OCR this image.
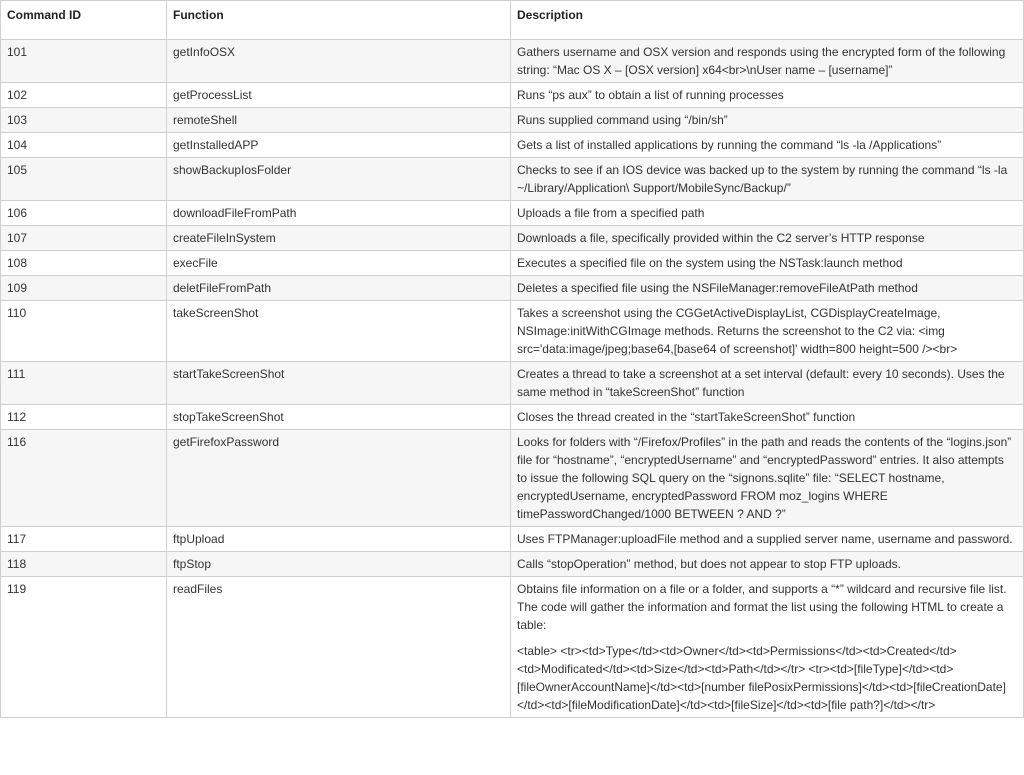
Command ID	Function	Description
101	getInfoOSX	Gathers username and OSX version and responds using the encrypted form of the following string: “Mac OS X – [OSX version] x64<br>\nUser name – [username]”

102	getProcessList	Runs “ps aux” to obtain a list of running processes

103	remoteShell	Runs supplied command using “/bin/sh”

104	getInstalledAPP	Gets a list of installed applications by running the command “ls -la /Applications”

105	showBackupIosFolder	Checks to see if an IOS device was backed up to the system by running the command “ls -la ~/Library/Application\ Support/MobileSync/Backup/”

106	downloadFileFromPath	Uploads a file from a specified path

107	createFileInSystem	Downloads a file, specifically provided within the C2 server’s HTTP response

108	execFile	Executes a specified file on the system using the NSTask:launch method

109	deletFileFromPath	Deletes a specified file using the NSFileManager:removeFileAtPath method

110	takeScreenShot	Takes a screenshot using the CGGetActiveDisplayList, CGDisplayCreateImage, NSImage:initWithCGImage methods. Returns the screenshot to the C2 via: <img src='data:image/jpeg;base64,[base64 of screenshot]' width=800 height=500 /><br>

111	startTakeScreenShot	Creates a thread to take a screenshot at a set interval (default: every 10 seconds). Uses the same method in “takeScreenShot” function

112	stopTakeScreenShot	Closes the thread created in the “startTakeScreenShot” function

116	getFirefoxPassword	Looks for folders with “/Firefox/Profiles” in the path and reads the contents of the “logins.json” file for “hostname”, “encryptedUsername” and “encryptedPassword” entries. It also attempts to issue the following SQL query on the “signons.sqlite” file: “SELECT hostname, encryptedUsername, encryptedPassword FROM moz_logins WHERE timePasswordChanged/1000 BETWEEN ? AND ?”

117	ftpUpload	Uses FTPManager:uploadFile method and a supplied server name, username and password.

118	ftpStop	Calls “stopOperation” method, but does not appear to stop FTP uploads.

119	readFiles	Obtains file information on a file or a folder, and supports a “*” wildcard and recursive file list. The code will gather the information and format the list using the following HTML to create a table:
<table> <tr><td>Type</td><td>Owner</td><td>Permissions</td><td>Created</td><td>Modificated</td><td>Size</td><td>Path</td></tr> <tr><td>[fileType]</td><td>[fileOwnerAccountName]</td><td>[number filePosixPermissions]</td><td>[fileCreationDate]</td><td>[fileModificationDate]</td><td>[fileSize]</td><td>[file path?]</td></tr>
